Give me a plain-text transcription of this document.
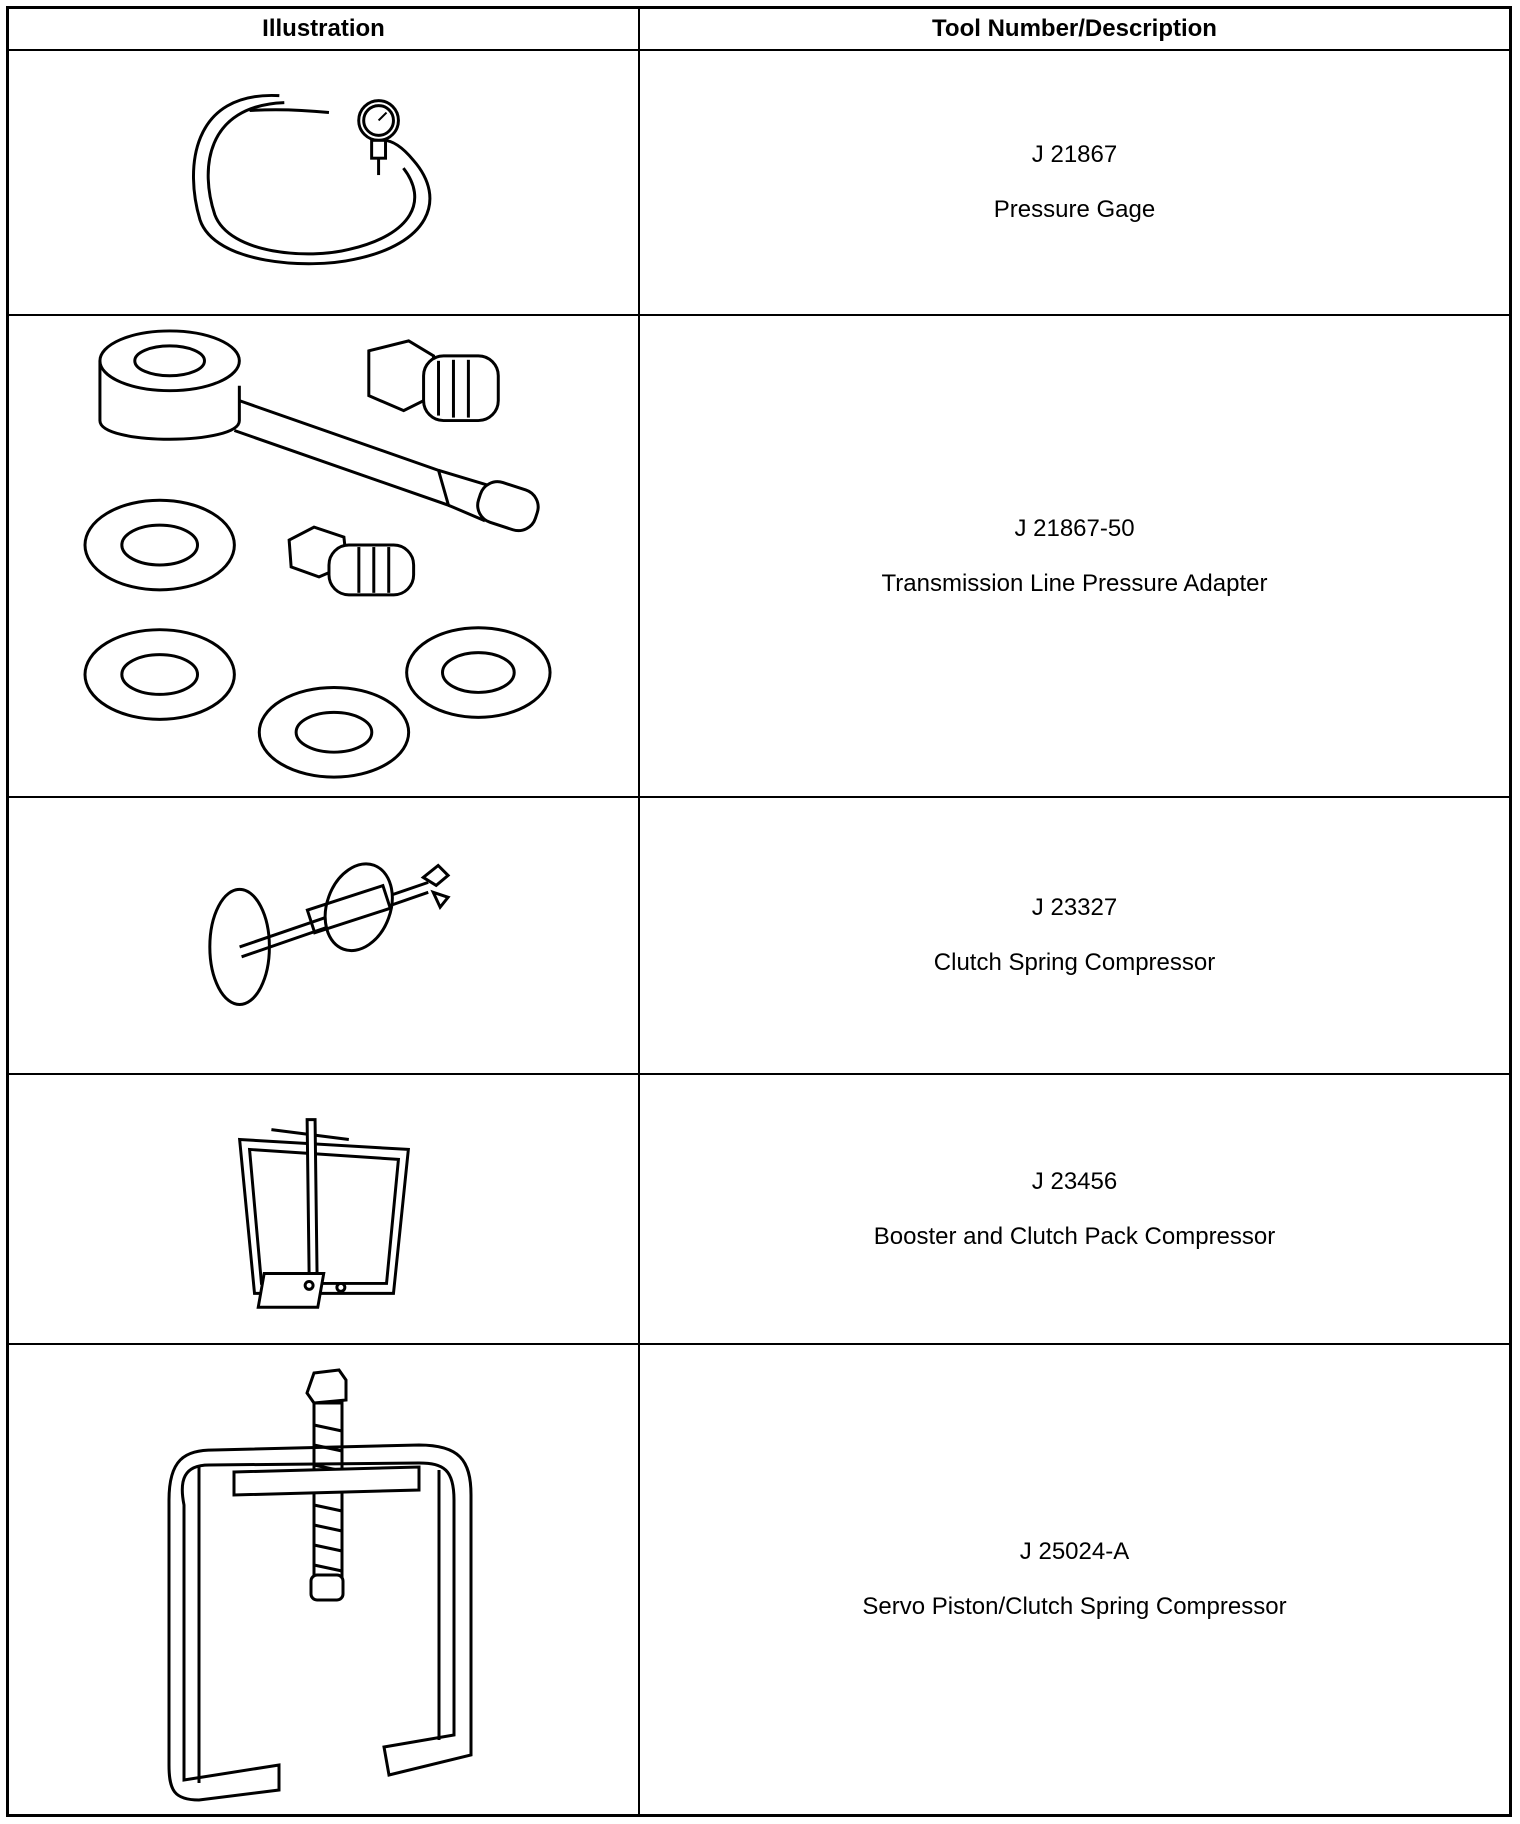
Illustration	Tool Number/Description
J 21867
Pressure Gage
J 21867-50
Transmission Line Pressure Adapter
J 23327
Clutch Spring Compressor
J 23456
Booster and Clutch Pack Compressor
J 25024-A
Servo Piston/Clutch Spring Compressor
